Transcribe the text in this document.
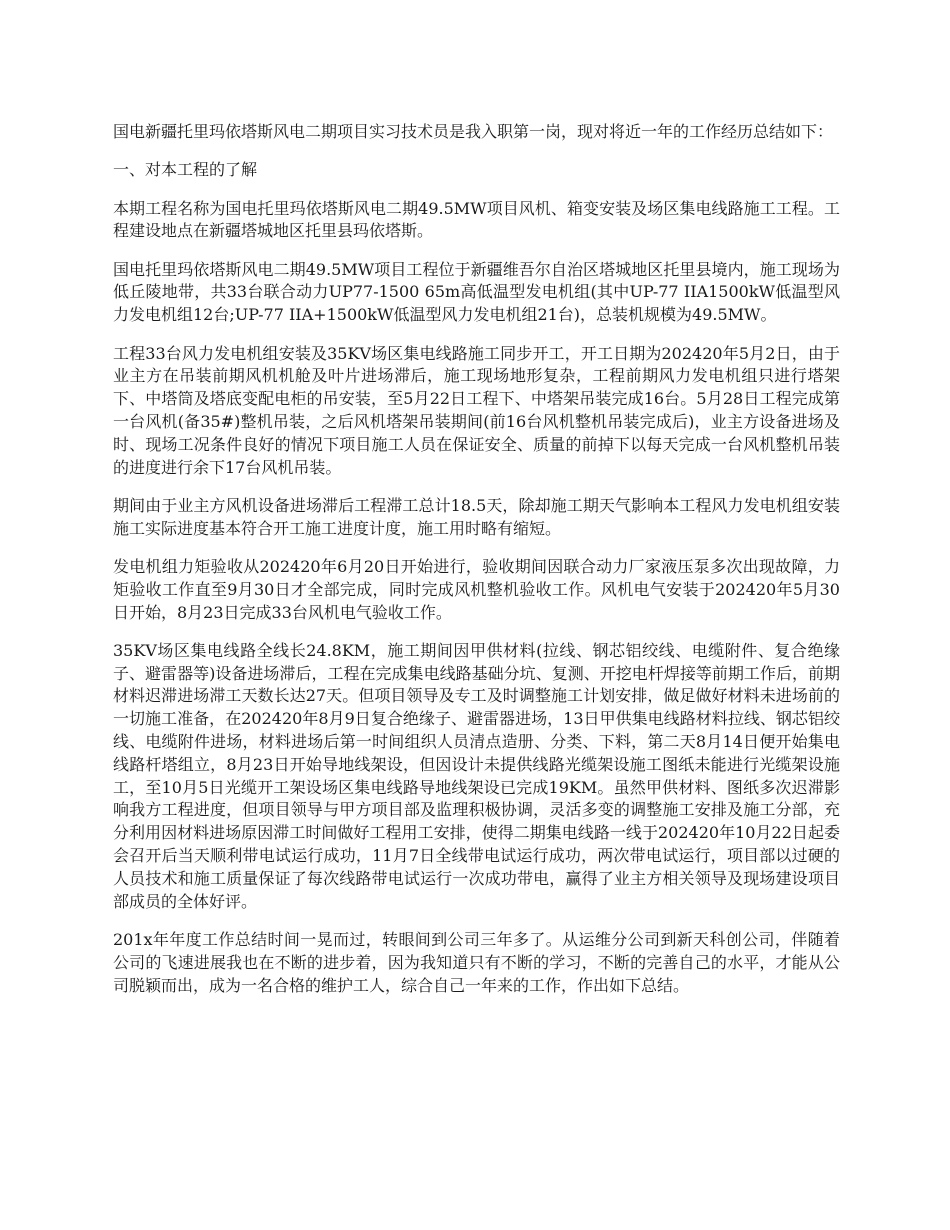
国电新疆托里玛依塔斯风电二期项目实习技术员是我入职第一岗，现对将近一年的工作经历总结如下：

一、对本工程的了解

本期工程名称为国电托里玛依塔斯风电二期49.5MW项目风机、箱变安装及场区集电线路施工工程。工程建设地点在新疆塔城地区托里县玛依塔斯。

国电托里玛依塔斯风电二期49.5MW项目工程位于新疆维吾尔自治区塔城地区托里县境内，施工现场为低丘陵地带，共33台联合动力UP77-1500 65m高低温型发电机组(其中UP-77 IIA1500kW低温型风力发电机组12台;UP-77 IIA+1500kW低温型风力发电机组21台)，总装机规模为49.5MW。

工程33台风力发电机组安装及35KV场区集电线路施工同步开工，开工日期为202420年5月2日，由于业主方在吊装前期风机机舱及叶片进场滞后，施工现场地形复杂，工程前期风力发电机组只进行塔架下、中塔筒及塔底变配电柜的吊安装，至5月22日工程下、中塔架吊装完成16台。5月28日工程完成第一台风机(备35#)整机吊装，之后风机塔架吊装期间(前16台风机整机吊装完成后)，业主方设备进场及时、现场工况条件良好的情况下项目施工人员在保证安全、质量的前掉下以每天完成一台风机整机吊装的进度进行余下17台风机吊装。

期间由于业主方风机设备进场滞后工程滞工总计18.5天，除却施工期天气影响本工程风力发电机组安装施工实际进度基本符合开工施工进度计度，施工用时略有缩短。

发电机组力矩验收从202420年6月20日开始进行，验收期间因联合动力厂家液压泵多次出现故障，力矩验收工作直至9月30日才全部完成，同时完成风机整机验收工作。风机电气安装于202420年5月30日开始，8月23日完成33台风机电气验收工作。

35KV场区集电线路全线长24.8KM，施工期间因甲供材料(拉线、钢芯铝绞线、电缆附件、复合绝缘子、避雷器等)设备进场滞后，工程在完成集电线路基础分坑、复测、开挖电杆焊接等前期工作后，前期材料迟滞进场滞工天数长达27天。但项目领导及专工及时调整施工计划安排，做足做好材料未进场前的一切施工准备，在202420年8月9日复合绝缘子、避雷器进场，13日甲供集电线路材料拉线、钢芯铝绞线、电缆附件进场，材料进场后第一时间组织人员清点造册、分类、下料，第二天8月14日便开始集电线路杆塔组立，8月23日开始导地线架设，但因设计未提供线路光缆架设施工图纸未能进行光缆架设施工，至10月5日光缆开工架设场区集电线路导地线架设已完成19KM。虽然甲供材料、图纸多次迟滞影响我方工程进度，但项目领导与甲方项目部及监理积极协调，灵活多变的调整施工安排及施工分部，充分利用因材料进场原因滞工时间做好工程用工安排，使得二期集电线路一线于202420年10月22日起委会召开后当天顺利带电试运行成功，11月7日全线带电试运行成功，两次带电试运行，项目部以过硬的人员技术和施工质量保证了每次线路带电试运行一次成功带电，赢得了业主方相关领导及现场建设项目部成员的全体好评。

201x年年度工作总结时间一晃而过，转眼间到公司三年多了。从运维分公司到新天科创公司，伴随着公司的飞速进展我也在不断的进步着，因为我知道只有不断的学习，不断的完善自己的水平，才能从公司脱颖而出，成为一名合格的维护工人，综合自己一年来的工作，作出如下总结。
